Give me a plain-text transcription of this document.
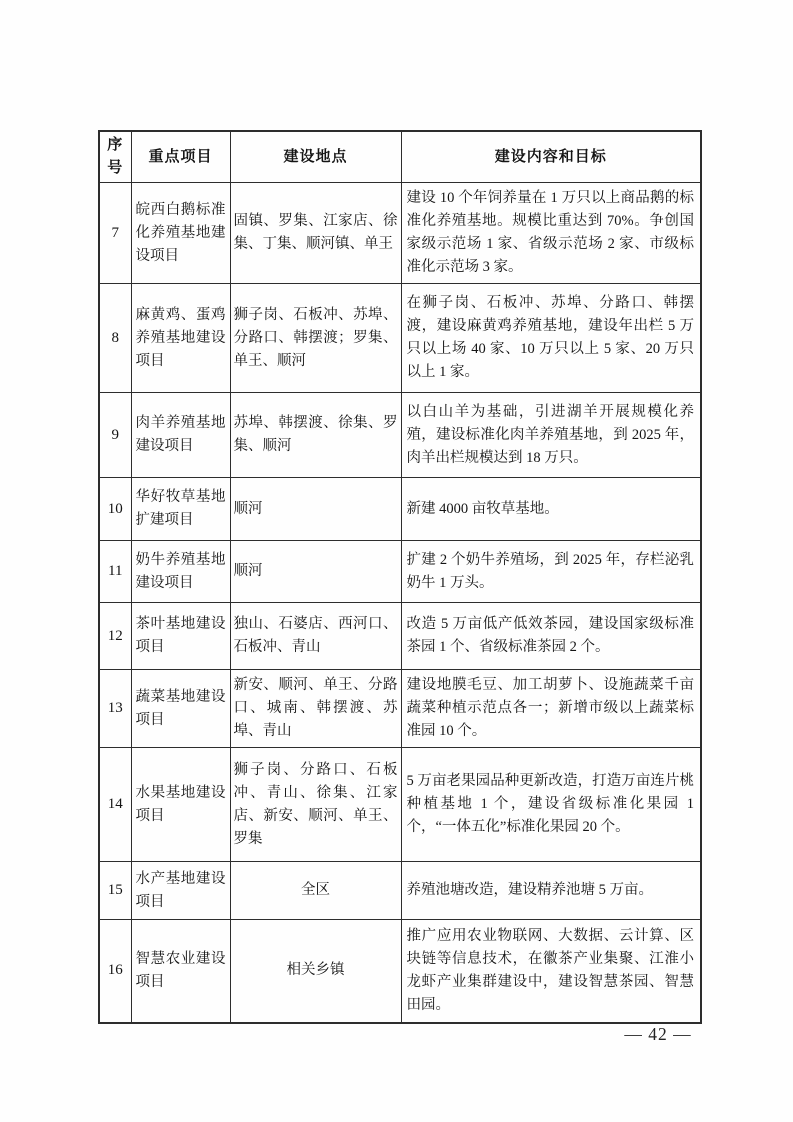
序号	重点项目	建设地点	建设内容和目标
7	皖西白鹅标准化养殖基地建设项目	固镇、罗集、江家店、徐集、丁集、顺河镇、单王	建设 10 个年饲养量在 1 万只以上商品鹅的标准化养殖基地。规模比重达到 70%。争创国家级示范场 1 家、省级示范场 2 家、市级标准化示范场 3 家。
8	麻黄鸡、蛋鸡养殖基地建设项目	狮子岗、石板冲、苏埠、分路口、韩摆渡；罗集、单王、顺河	在狮子岗、石板冲、苏埠、分路口、韩摆渡，建设麻黄鸡养殖基地，建设年出栏 5 万只以上场 40 家、10 万只以上 5 家、20 万只以上 1 家。
9	肉羊养殖基地建设项目	苏埠、韩摆渡、徐集、罗集、顺河	以白山羊为基础，引进湖羊开展规模化养殖，建设标准化肉羊养殖基地，到 2025 年，肉羊出栏规模达到 18 万只。
10	华好牧草基地扩建项目	顺河	新建 4000 亩牧草基地。
11	奶牛养殖基地建设项目	顺河	扩建 2 个奶牛养殖场，到 2025 年，存栏泌乳奶牛 1 万头。
12	茶叶基地建设项目	独山、石婆店、西河口、石板冲、青山	改造 5 万亩低产低效茶园，建设国家级标准茶园 1 个、省级标准茶园 2 个。
13	蔬菜基地建设项目	新安、顺河、单王、分路口、城南、韩摆渡、苏埠、青山	建设地膜毛豆、加工胡萝卜、设施蔬菜千亩蔬菜种植示范点各一；新增市级以上蔬菜标准园 10 个。
14	水果基地建设项目	狮子岗、分路口、石板冲、青山、徐集、江家店、新安、顺河、单王、罗集	5 万亩老果园品种更新改造，打造万亩连片桃种植基地 1 个，建设省级标准化果园 1 个，“一体五化”标准化果园 20 个。
15	水产基地建设项目	全区	养殖池塘改造，建设精养池塘 5 万亩。
16	智慧农业建设项目	相关乡镇	推广应用农业物联网、大数据、云计算、区块链等信息技术，在徽茶产业集聚、江淮小龙虾产业集群建设中，建设智慧茶园、智慧田园。
— 42 —
